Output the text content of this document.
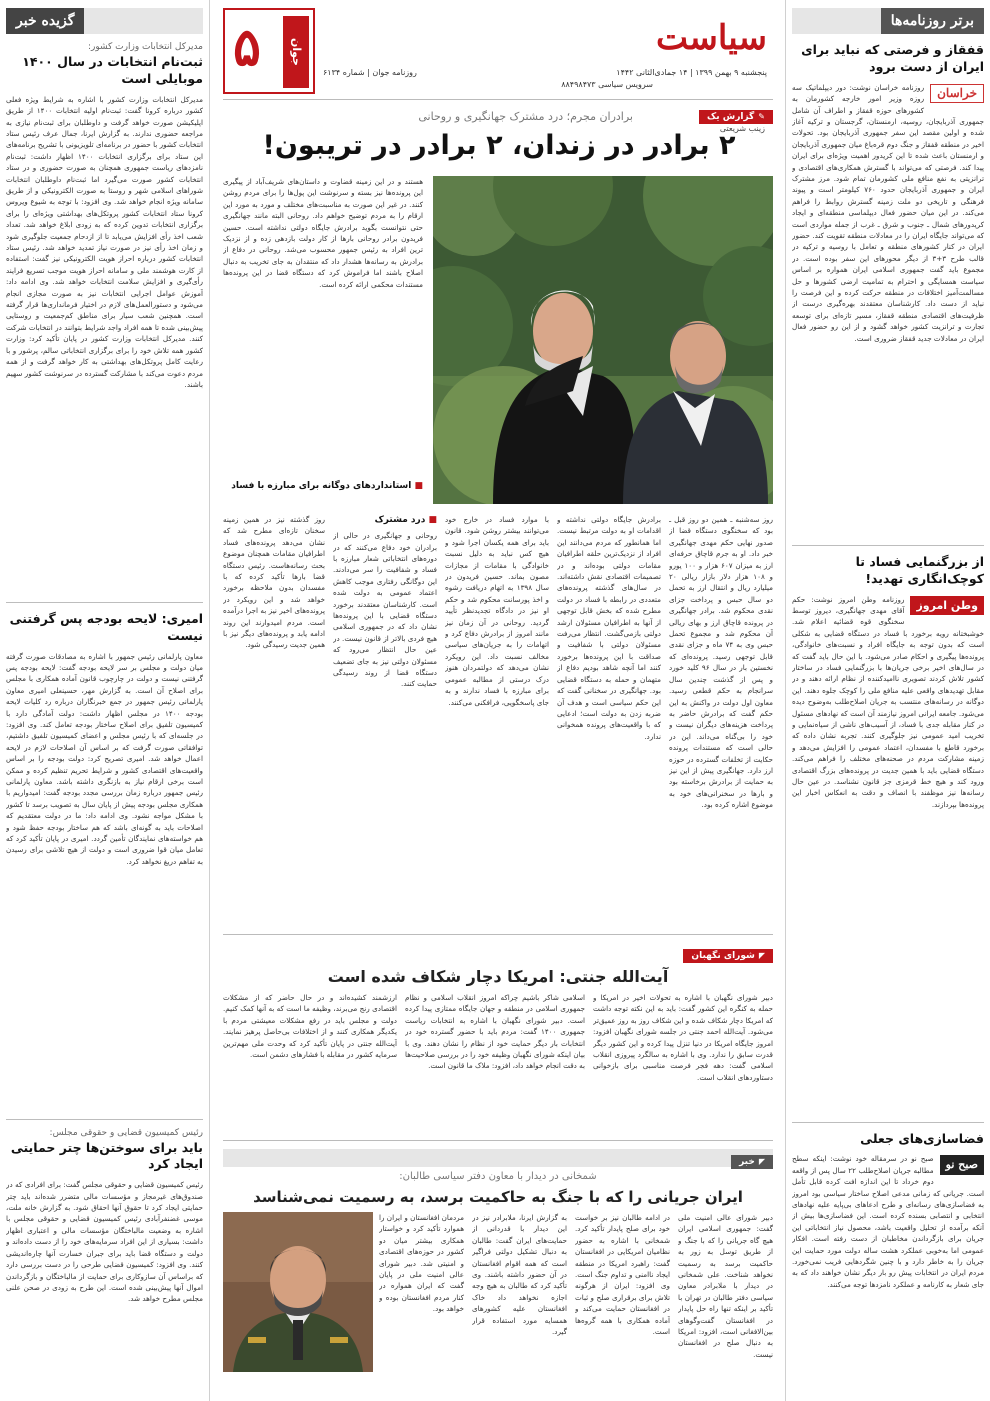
برتر روزنامه‌ها
قفقاز و فرصتی که نباید برای ایران از دست برود
خراسان
روزنامه خراسان نوشت: دور دیپلماتیک سه روزه وزیر امور خارجه کشورمان به کشورهای حوزه قفقاز و اطراف آن شامل جمهوری آذربایجان، روسیه، ارمنستان، گرجستان و ترکیه آغاز شده و اولین مقصد این سفر جمهوری آذربایجان بود. تحولات اخیر در منطقه قفقاز و جنگ دوم قره‌باغ میان جمهوری آذربایجان و ارمنستان باعث شده تا این کریدور اهمیت ویژه‌ای برای ایران پیدا کند. فرصتی که می‌تواند با گسترش همکاری‌های اقتصادی و ترانزیتی به نفع منافع ملی کشورمان تمام شود. مرز مشترک ایران و جمهوری آذربایجان حدود ۷۶۰ کیلومتر است و پیوند فرهنگی و تاریخی دو ملت زمینه گسترش روابط را فراهم می‌کند. در این میان حضور فعال دیپلماسی منطقه‌ای و ایجاد کریدورهای شمال ـ جنوب و شرق ـ غرب از جمله مواردی است که می‌تواند جایگاه ایران را در معادلات منطقه تقویت کند. حضور ایران در کنار کشورهای منطقه و تعامل با روسیه و ترکیه در قالب طرح ۳+۳ از دیگر محورهای این سفر بوده است. در مجموع باید گفت جمهوری اسلامی ایران همواره بر اساس سیاست همسایگی و احترام به تمامیت ارضی کشورها و حل مسالمت‌آمیز اختلافات در منطقه حرکت کرده و این فرصت را نباید از دست داد. کارشناسان معتقدند بهره‌گیری درست از ظرفیت‌های اقتصادی منطقه قفقاز، مسیر تازه‌ای برای توسعه تجارت و ترانزیت کشور خواهد گشود و از این رو حضور فعال ایران در معادلات جدید قفقاز ضروری است.
از بزرگنمایی فساد تا کوچک‌انگاری تهدید!
وطن امروز
روزنامه وطن امروز نوشت: حکم آقای مهدی جهانگیری، دیروز توسط سخنگوی قوه قضائیه اعلام شد. خوشبختانه رویه برخورد با فساد در دستگاه قضایی به شکلی است که بدون توجه به جایگاه افراد و نسبت‌های خانوادگی، پرونده‌ها پیگیری و احکام صادر می‌شود. با این حال باید گفت که در سال‌های اخیر برخی جریان‌ها با بزرگنمایی فساد در ساختار کشور تلاش کردند تصویری ناامیدکننده از نظام ارائه دهند و در مقابل تهدیدهای واقعی علیه منافع ملی را کوچک جلوه دهند. این دوگانه در رسانه‌های منتسب به جریان اصلاح‌طلب به‌وضوح دیده می‌شود. جامعه ایرانی امروز نیازمند آن است که نهادهای مسئول در کنار مقابله جدی با فساد، از آسیب‌های ناشی از سیاه‌نمایی و تخریب امید عمومی نیز جلوگیری کنند. تجربه نشان داده که برخورد قاطع با مفسدان، اعتماد عمومی را افزایش می‌دهد و زمینه مشارکت مردم در صحنه‌های مختلف را فراهم می‌کند. دستگاه قضایی باید با همین جدیت در پرونده‌های بزرگ اقتصادی ورود کند و هیچ خط قرمزی جز قانون نشناسد. در عین حال رسانه‌ها نیز موظفند با انصاف و دقت به انعکاس اخبار این پرونده‌ها بپردازند.
فضاسازی‌های جعلی
صبح نو
صبح نو در سرمقاله خود نوشت: اینکه سطح مطالبه جریان اصلاح‌طلب ۲۲ سال پس از واقعه دوم خرداد تا این اندازه افت کرده قابل تأمل است. جریانی که زمانی مدعی اصلاح ساختار سیاسی بود امروز به فضاسازی‌های رسانه‌ای و طرح ادعاهای بی‌پایه علیه نهادهای انتخابی و انتصابی بسنده کرده است. این فضاسازی‌ها بیش از آنکه برآمده از تحلیل واقعیت باشد، محصول نیاز انتخاباتی این جریان برای بازگرداندن مخاطبان از دست رفته است. افکار عمومی اما به‌خوبی عملکرد هشت ساله دولت مورد حمایت این جریان را به خاطر دارد و با چنین شگردهایی فریب نمی‌خورد. مردم ایران در انتخابات پیش رو بار دیگر نشان خواهند داد که به جای شعار به کارنامه و عملکرد نامزدها توجه می‌کنند.
گزیده خبر
مدیرکل انتخابات وزارت کشور:
ثبت‌نام انتخابات در سال ۱۴۰۰ موبایلی است
مدیرکل انتخابات وزارت کشور با اشاره به شرایط ویژه فعلی کشور درباره کرونا گفت: ثبت‌نام اولیه انتخابات ۱۴۰۰ از طریق اپلیکیشن صورت خواهد گرفت و داوطلبان برای ثبت‌نام نیازی به مراجعه حضوری ندارند. به گزارش ایرنا، جمال عرف رئیس ستاد انتخابات کشور با حضور در برنامه‌ای تلویزیونی با تشریح برنامه‌های این ستاد برای برگزاری انتخابات ۱۴۰۰ اظهار داشت: ثبت‌نام نامزدهای ریاست جمهوری همچنان به صورت حضوری و در ستاد انتخابات کشور صورت می‌گیرد اما ثبت‌نام داوطلبان انتخابات شوراهای اسلامی شهر و روستا به صورت الکترونیکی و از طریق سامانه ویژه انجام خواهد شد. وی افزود: با توجه به شیوع ویروس کرونا ستاد انتخابات کشور پروتکل‌های بهداشتی ویژه‌ای را برای برگزاری انتخابات تدوین کرده که به زودی ابلاغ خواهد شد. تعداد شعب اخذ رأی افزایش می‌یابد تا از ازدحام جمعیت جلوگیری شود و زمان اخذ رأی نیز در صورت نیاز تمدید خواهد شد. رئیس ستاد انتخابات کشور درباره احراز هویت الکترونیکی نیز گفت: استفاده از کارت هوشمند ملی و سامانه احراز هویت موجب تسریع فرایند رأی‌گیری و افزایش سلامت انتخابات خواهد شد. وی ادامه داد: آموزش عوامل اجرایی انتخابات نیز به صورت مجازی انجام می‌شود و دستورالعمل‌های لازم در اختیار فرمانداری‌ها قرار گرفته است. همچنین شعب سیار برای مناطق کم‌جمعیت و روستایی پیش‌بینی شده تا همه افراد واجد شرایط بتوانند در انتخابات شرکت کنند. مدیرکل انتخابات وزارت کشور در پایان تأکید کرد: وزارت کشور همه تلاش خود را برای برگزاری انتخاباتی سالم، پرشور و با رعایت کامل پروتکل‌های بهداشتی به کار خواهد گرفت و از همه مردم دعوت می‌کند با مشارکت گسترده در سرنوشت کشور سهیم باشند.
امیری: لایحه بودجه پس گرفتنی نیست
معاون پارلمانی رئیس جمهور با اشاره به مصادقات صورت گرفته میان دولت و مجلس بر سر لایحه بودجه گفت: لایحه بودجه پس گرفتنی نیست و دولت در چارچوب قانون آماده همکاری با مجلس برای اصلاح آن است. به گزارش مهر، حسینعلی امیری معاون پارلمانی رئیس جمهور در جمع خبرنگاران درباره رد کلیات لایحه بودجه ۱۴۰۰ در مجلس اظهار داشت: دولت آمادگی دارد با کمیسیون تلفیق برای اصلاح ساختار بودجه تعامل کند. وی افزود: در جلسه‌ای که با رئیس مجلس و اعضای کمیسیون تلفیق داشتیم، توافقاتی صورت گرفت که بر اساس آن اصلاحات لازم در لایحه اعمال خواهد شد. امیری تصریح کرد: دولت بودجه را بر اساس واقعیت‌های اقتصادی کشور و شرایط تحریم تنظیم کرده و ممکن است برخی ارقام نیاز به بازنگری داشته باشد. معاون پارلمانی رئیس جمهور درباره زمان بررسی مجدد بودجه گفت: امیدواریم با همکاری مجلس بودجه پیش از پایان سال به تصویب برسد تا کشور با مشکل مواجه نشود. وی ادامه داد: ما در دولت معتقدیم که اصلاحات باید به گونه‌ای باشد که هم ساختار بودجه حفظ شود و هم خواسته‌های نمایندگان تأمین گردد. امیری در پایان تأکید کرد که تعامل میان قوا ضروری است و دولت از هیچ تلاشی برای رسیدن به تفاهم دریغ نخواهد کرد.
رئیس کمیسیون قضایی و حقوقی مجلس:
باید برای سوختن‌ها چتر حمایتی ایجاد کرد
رئیس کمیسیون قضایی و حقوقی مجلس گفت: برای افرادی که در صندوق‌های غیرمجاز و مؤسسات مالی متضرر شده‌اند باید چتر حمایتی ایجاد کرد تا حقوق آنها احقاق شود. به گزارش خانه ملت، موسی غضنفرآبادی رئیس کمیسیون قضایی و حقوقی مجلس با اشاره به وضعیت مالباختگان مؤسسات مالی و اعتباری اظهار داشت: بسیاری از این افراد سرمایه‌های خود را از دست داده‌اند و دولت و دستگاه قضا باید برای جبران خسارت آنها چاره‌اندیشی کنند. وی افزود: کمیسیون قضایی طرحی را در دست بررسی دارد که براساس آن سازوکاری برای حمایت از مالباختگان و بازگرداندن اموال آنها پیش‌بینی شده است. این طرح به زودی در صحن علنی مجلس مطرح خواهد شد.
سیاست
پنجشنبه ۹ بهمن ۱۳۹۹ | ۱۴ جمادی‌الثانی ۱۴۴۲
سرویس سیاسی ۸۸۴۹۸۴۷۳
روزنامه جوان | شماره ۶۱۳۴
۵	جوان
✎گزارش یک
زینب شریعتی
برادران مجرم؛ درد مشترک جهانگیری و روحانی
۲ برادر در زندان، ۲ برادر در تریبون!
هستند و در این زمینه قضاوت و داستان‌های شریف‌آباد از پیگیری این پرونده‌ها نیز بسته و سرنوشت این پول‌ها را برای مردم روشن کنند. در غیر این صورت به مناسبت‌های مختلف و مورد به مورد این ارقام را به مردم توضیح خواهم داد. روحانی البته مانند جهانگیری حتی نتوانست بگوید برادرش جایگاه دولتی نداشته است. حسین فریدون برادر روحانی بارها از کار دولت بازدهی زده و از نزدیک ترین افراد به رئیس جمهور محسوب می‌شد. روحانی در دفاع از برادرش به رسانه‌ها هشدار داد که منتقدان به جای تخریب به دنبال اصلاح باشند اما فراموش کرد که دستگاه قضا در این پرونده‌ها مستندات محکمی ارائه کرده است.
■ استانداردهای دوگانه برای مبارزه با فساد
روز سه‌شنبه ـ همین دو روز قبل ـ بود که سخنگوی دستگاه قضا از صدور نهایی حکم مهدی جهانگیری خبر داد. او به جرم قاچاق حرفه‌ای ارز به میزان ۶۰۷ هزار و ۱۰۰ یورو و ۱۰۸ هزار دلار بازار ریالی ۲۰ میلیارد ریال و انتقال ارز به تحمل دو سال حبس و پرداخت جزای نقدی محکوم شد. برادر جهانگیری در پرونده قاچاق ارز و بهای ریالی آن محکوم شد و مجموع تحمل حبس وی به ۷۴ ماه و جزای نقدی قابل توجهی رسید. پرونده‌ای که نخستین بار در سال ۹۶ کلید خورد و پس از گذشت چندین سال سرانجام به حکم قطعی رسید. معاون اول دولت در واکنش به این حکم گفت که برادرش حاضر به پرداخت هزینه‌های دیگران نیست و خود را بی‌گناه می‌داند. این در حالی است که مستندات پرونده حکایت از تخلفات گسترده در حوزه ارز دارد. جهانگیری پیش از این نیز به حمایت از برادرش برخاسته بود و بارها در سخنرانی‌های خود به موضوع اشاره کرده بود.
برادرش جایگاه دولتی نداشته و اقدامات او به دولت مرتبط نیست. اما همانطور که مردم می‌دانند این افراد از نزدیک‌ترین حلقه اطرافیان مقامات دولتی بوده‌اند و در تصمیمات اقتصادی نقش داشته‌اند. در سال‌های گذشته پرونده‌های متعددی در رابطه با فساد در دولت مطرح شده که بخش قابل توجهی از آنها به اطرافیان مسئولان ارشد دولتی بازمی‌گشت. انتظار می‌رفت مسئولان دولتی با شفافیت و صداقت با این پرونده‌ها برخورد کنند اما آنچه شاهد بودیم دفاع از متهمان و حمله به دستگاه قضایی بود. جهانگیری در سخنانی گفت که این حکم سیاسی است و هدف آن ضربه زدن به دولت است؛ ادعایی که با واقعیت‌های پرونده همخوانی ندارد.
با موارد فساد در خارج خود می‌توانند بیشتر روشن شود. قانون باید برای همه یکسان اجرا شود و هیچ کس نباید به دلیل نسبت خانوادگی با مقامات از مجازات مصون بماند. حسین فریدون در سال ۱۳۹۸ به اتهام دریافت رشوه و اخذ پورسانت محکوم شد و حکم او نیز در دادگاه تجدیدنظر تأیید گردید. روحانی در آن زمان نیز مانند امروز از برادرش دفاع کرد و اتهامات را به جریان‌های سیاسی مخالف نسبت داد. این رویکرد نشان می‌دهد که دولتمردان هنوز درک درستی از مطالبه عمومی برای مبارزه با فساد ندارند و به جای پاسخگویی، فرافکنی می‌کنند.
■ درد مشترک
روحانی و جهانگیری در حالی از برادران خود دفاع می‌کنند که در دوره‌های انتخاباتی شعار مبارزه با فساد و شفافیت را سر می‌دادند. این دوگانگی رفتاری موجب کاهش اعتماد عمومی به دولت شده است. کارشناسان معتقدند برخورد دستگاه قضایی با این پرونده‌ها نشان داد که در جمهوری اسلامی هیچ فردی بالاتر از قانون نیست. در عین حال انتظار می‌رود که مسئولان دولتی نیز به جای تضعیف دستگاه قضا از روند رسیدگی حمایت کنند.
روز گذشته نیز در همین زمینه سخنان تازه‌ای مطرح شد که نشان می‌دهد پرونده‌های فساد اطرافیان مقامات همچنان موضوع بحث رسانه‌هاست. رئیس دستگاه قضا بارها تأکید کرده که با مفسدان بدون ملاحظه برخورد خواهد شد و این رویکرد در پرونده‌های اخیر نیز به اجرا درآمده است. مردم امیدوارند این روند ادامه یابد و پرونده‌های دیگر نیز با همین جدیت رسیدگی شود.
◤شورای نگهبان
آیت‌الله جنتی: امریکا دچار شکاف شده است
دبیر شورای نگهبان با اشاره به تحولات اخیر در امریکا و حمله به کنگره این کشور گفت: باید به این نکته توجه داشت که امریکا دچار شکاف شده و این شکاف روز به روز عمیق‌تر می‌شود. آیت‌الله احمد جنتی در جلسه شورای نگهبان افزود: امروز جایگاه امریکا در دنیا تنزل پیدا کرده و این کشور دیگر قدرت سابق را ندارد. وی با اشاره به سالگرد پیروزی انقلاب اسلامی گفت: دهه فجر فرصت مناسبی برای بازخوانی دستاوردهای انقلاب است.
اسلامی شاکر باشیم چراکه امروز انقلاب اسلامی و نظام جمهوری اسلامی در منطقه و جهان جایگاه ممتازی پیدا کرده است. دبیر شورای نگهبان با اشاره به انتخابات ریاست جمهوری ۱۴۰۰ گفت: مردم باید با حضور گسترده خود در انتخابات بار دیگر حمایت خود از نظام را نشان دهند. وی با بیان اینکه شورای نگهبان وظیفه خود را در بررسی صلاحیت‌ها به دقت انجام خواهد داد، افزود: ملاک ما قانون است.
ارزشمند کشیده‌اند و در حال حاضر که از مشکلات اقتصادی رنج می‌برند، وظیفه ما است که به آنها کمک کنیم. دولت و مجلس باید در رفع مشکلات معیشتی مردم با یکدیگر همکاری کنند و از اختلافات بی‌حاصل پرهیز نمایند. آیت‌الله جنتی در پایان تأکید کرد که وحدت ملی مهم‌ترین سرمایه کشور در مقابله با فشارهای دشمن است.
◤خبر
شمخانی در دیدار با معاون دفتر سیاسی طالبان:
ایران جریانی را که با جنگ به حاکمیت برسد، به رسمیت نمی‌شناسد
دبیر شورای عالی امنیت ملی گفت: جمهوری اسلامی ایران هیچ گاه جریانی را که با جنگ و از طریق توسل به زور به حاکمیت برسد به رسمیت نخواهد شناخت. علی شمخانی در دیدار با ملابرادر معاون سیاسی دفتر طالبان در تهران با تأکید بر اینکه تنها راه حل پایدار در افغانستان گفت‌وگوهای بین‌الافغانی است، افزود: امریکا به دنبال صلح در افغانستان نیست.
در ادامه طالبان نیز بر خواست خود برای صلح پایدار تأکید کرد. شمخانی با اشاره به حضور نظامیان امریکایی در افغانستان گفت: راهبرد امریکا در منطقه ایجاد ناامنی و تداوم جنگ است. وی افزود: ایران از هرگونه تلاش برای برقراری صلح و ثبات در افغانستان حمایت می‌کند و آماده همکاری با همه گروه‌ها است.
به گزارش ایرنا، ملابرادر نیز در این دیدار با قدردانی از حمایت‌های ایران گفت: طالبان به دنبال تشکیل دولتی فراگیر است که همه اقوام افغانستان در آن حضور داشته باشند. وی تأکید کرد که طالبان به هیچ وجه اجازه نخواهد داد خاک افغانستان علیه کشورهای همسایه مورد استفاده قرار گیرد.
مردمان افغانستان و ایران را هموارد تأکید کرد و خواستار همکاری بیشتر میان دو کشور در حوزه‌های اقتصادی و امنیتی شد. دبیر شورای عالی امنیت ملی در پایان گفت که ایران همواره در کنار مردم افغانستان بوده و خواهد بود.
